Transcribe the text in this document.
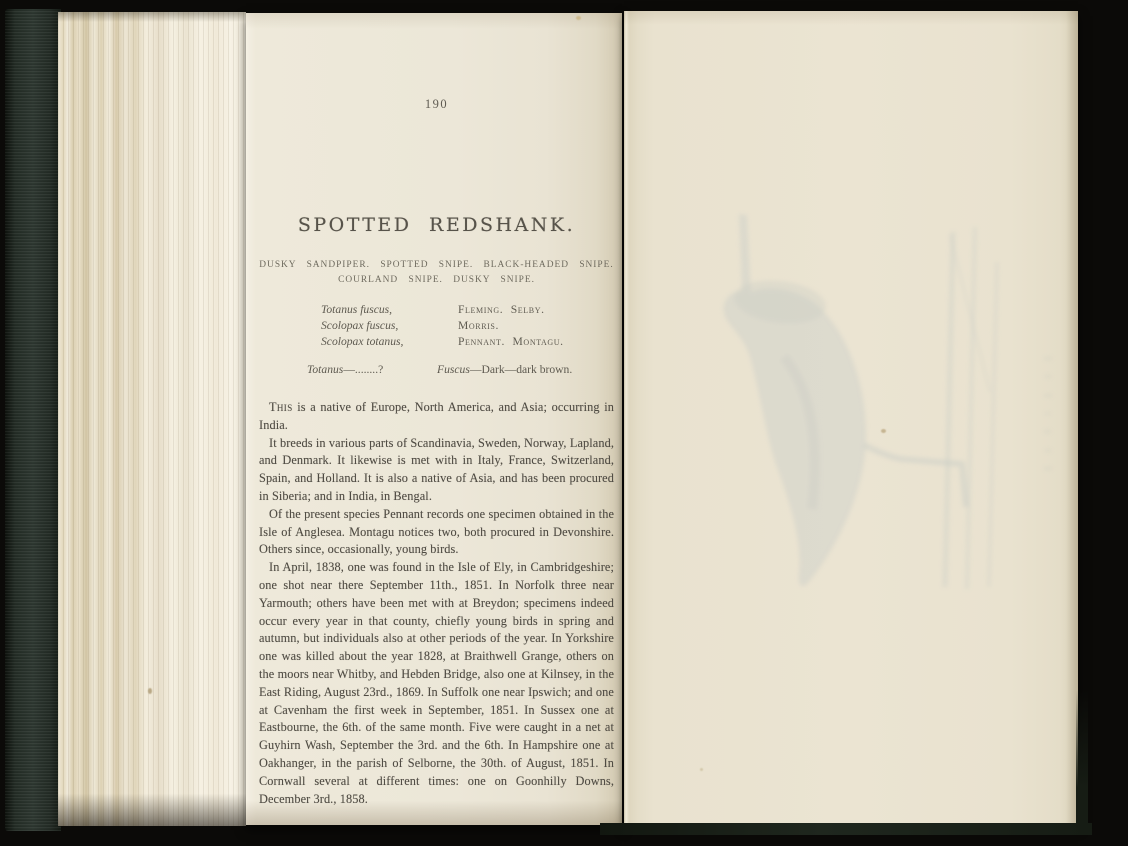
190
SPOTTED REDSHANK.
DUSKY SANDPIPER. SPOTTED SNIPE. BLACK-HEADED SNIPE.
COURLAND SNIPE. DUSKY SNIPE.
Totanus fuscus,	Fleming. Selby.
Scolopax fuscus,	Morris.
Scolopax totanus,	Pennant. Montagu.
Totanus—........?	Fuscus—Dark—dark brown.

This is a native of Europe, North America, and Asia; occurring in India.

It breeds in various parts of Scandinavia, Sweden, Norway, Lapland, and Denmark. It likewise is met with in Italy, France, Switzerland, Spain, and Holland. It is also a native of Asia, and has been procured in Siberia; and in India, in Bengal.

Of the present species Pennant records one specimen obtained in the Isle of Anglesea. Montagu notices two, both procured in Devonshire. Others since, occasionally, young birds.

In April, 1838, one was found in the Isle of Ely, in Cambridgeshire; one shot near there September 11th., 1851. In Norfolk three near Yarmouth; others have been met with at Breydon; specimens indeed occur every year in that county, chiefly young birds in spring and autumn, but individuals also at other periods of the year. In Yorkshire one was killed about the year 1828, at Braithwell Grange, others on the moors near Whitby, and Hebden Bridge, also one at Kilnsey, in the East Riding, August 23rd., 1869. In Suffolk one near Ipswich; and one at Cavenham the first week in September, 1851. In Sussex one at Eastbourne, the 6th. of the same month. Five were caught in a net at Guyhirn Wash, September the 3rd. and the 6th. In Hampshire one at Oakhanger, in the parish of Selborne, the 30th. of August, 1851. In Cornwall several at different times: one on Goonhilly Downs, December 3rd., 1858.
